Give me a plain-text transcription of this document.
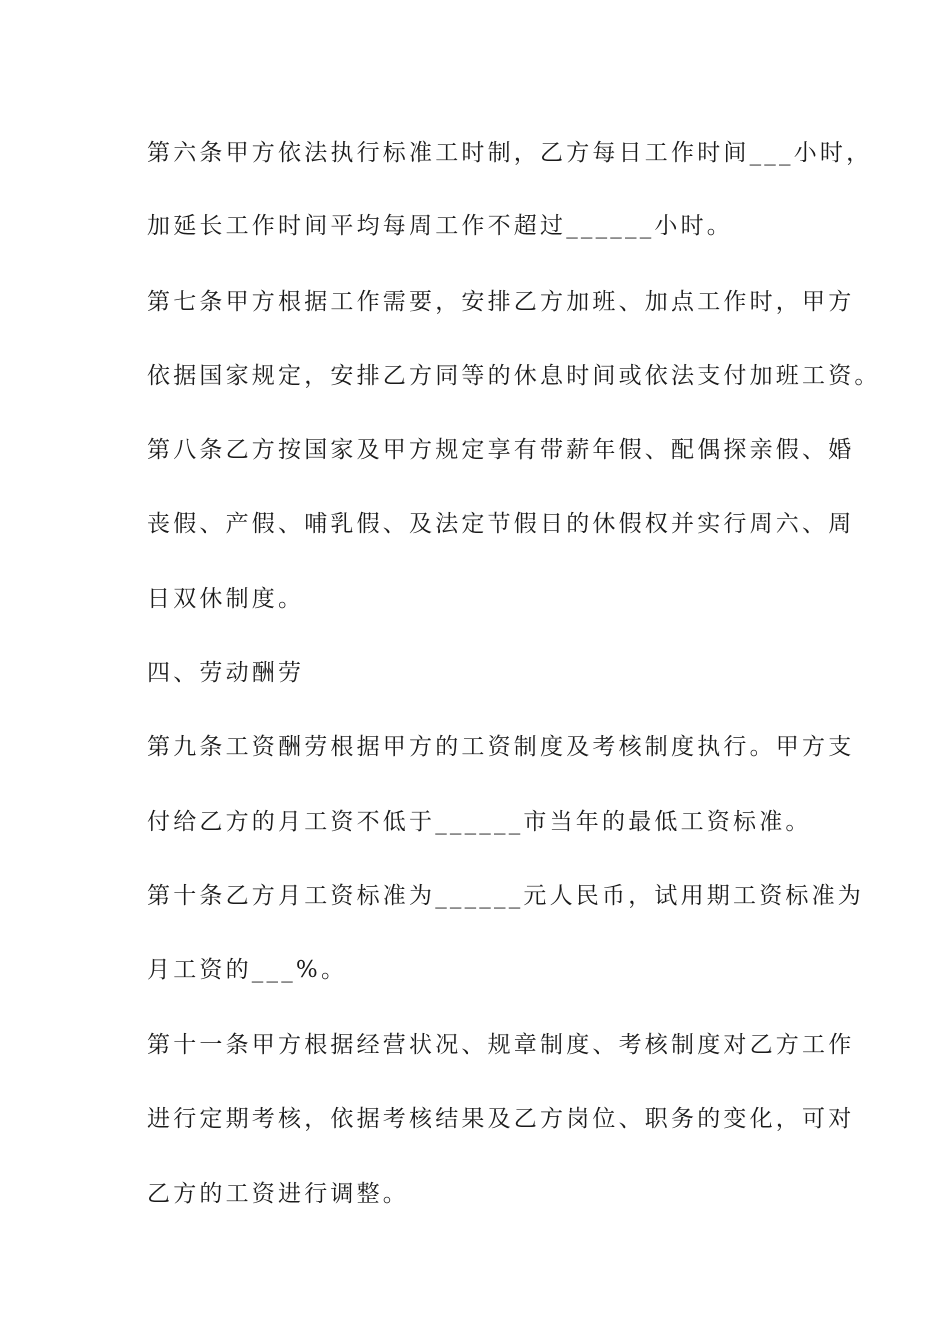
第六条甲方依法执行标准工时制，乙方每日工作时间___小时，

加延长工作时间平均每周工作不超过______小时。

第七条甲方根据工作需要，安排乙方加班、加点工作时，甲方

依据国家规定，安排乙方同等的休息时间或依法支付加班工资。

第八条乙方按国家及甲方规定享有带薪年假、配偶探亲假、婚

丧假、产假、哺乳假、及法定节假日的休假权并实行周六、周

日双休制度。

四、劳动酬劳

第九条工资酬劳根据甲方的工资制度及考核制度执行。甲方支

付给乙方的月工资不低于______市当年的最低工资标准。

第十条乙方月工资标准为______元人民币，试用期工资标准为

月工资的___%。

第十一条甲方根据经营状况、规章制度、考核制度对乙方工作

进行定期考核，依据考核结果及乙方岗位、职务的变化，可对

乙方的工资进行调整。
